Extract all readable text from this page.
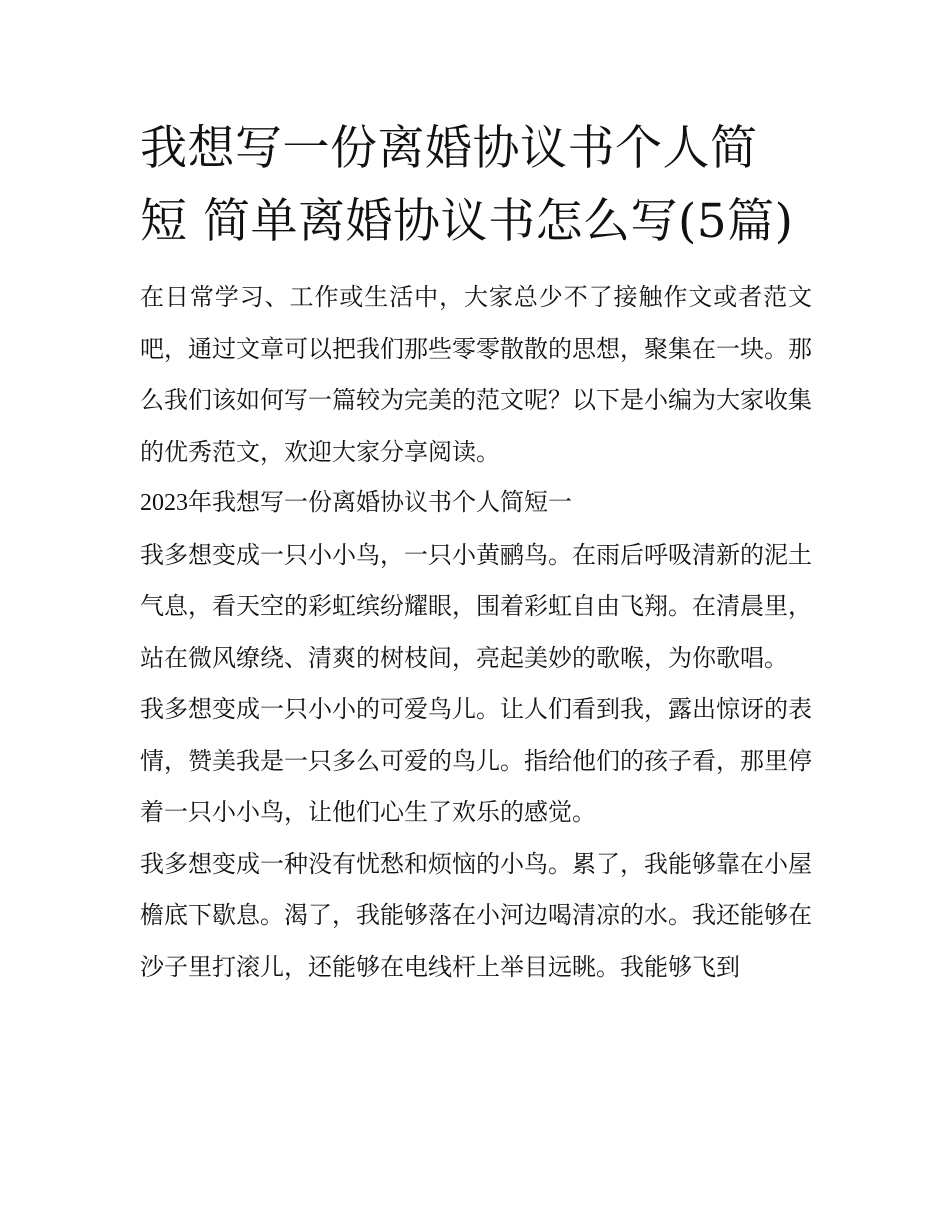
我想写一份离婚协议书个人简短 简单离婚协议书怎么写(5篇)

在日常学习、工作或生活中，大家总少不了接触作文或者范文吧，通过文章可以把我们那些零零散散的思想，聚集在一块。那么我们该如何写一篇较为完美的范文呢？以下是小编为大家收集的优秀范文，欢迎大家分享阅读。

2023年我想写一份离婚协议书个人简短一

我多想变成一只小小鸟，一只小黄鹂鸟。在雨后呼吸清新的泥土气息，看天空的彩虹缤纷耀眼，围着彩虹自由飞翔。在清晨里，站在微风缭绕、清爽的树枝间，亮起美妙的歌喉，为你歌唱。

我多想变成一只小小的可爱鸟儿。让人们看到我，露出惊讶的表情，赞美我是一只多么可爱的鸟儿。指给他们的孩子看，那里停着一只小小鸟，让他们心生了欢乐的感觉。

我多想变成一种没有忧愁和烦恼的小鸟。累了，我能够靠在小屋檐底下歇息。渴了，我能够落在小河边喝清凉的水。我还能够在沙子里打滚儿，还能够在电线杆上举目远眺。我能够飞到
